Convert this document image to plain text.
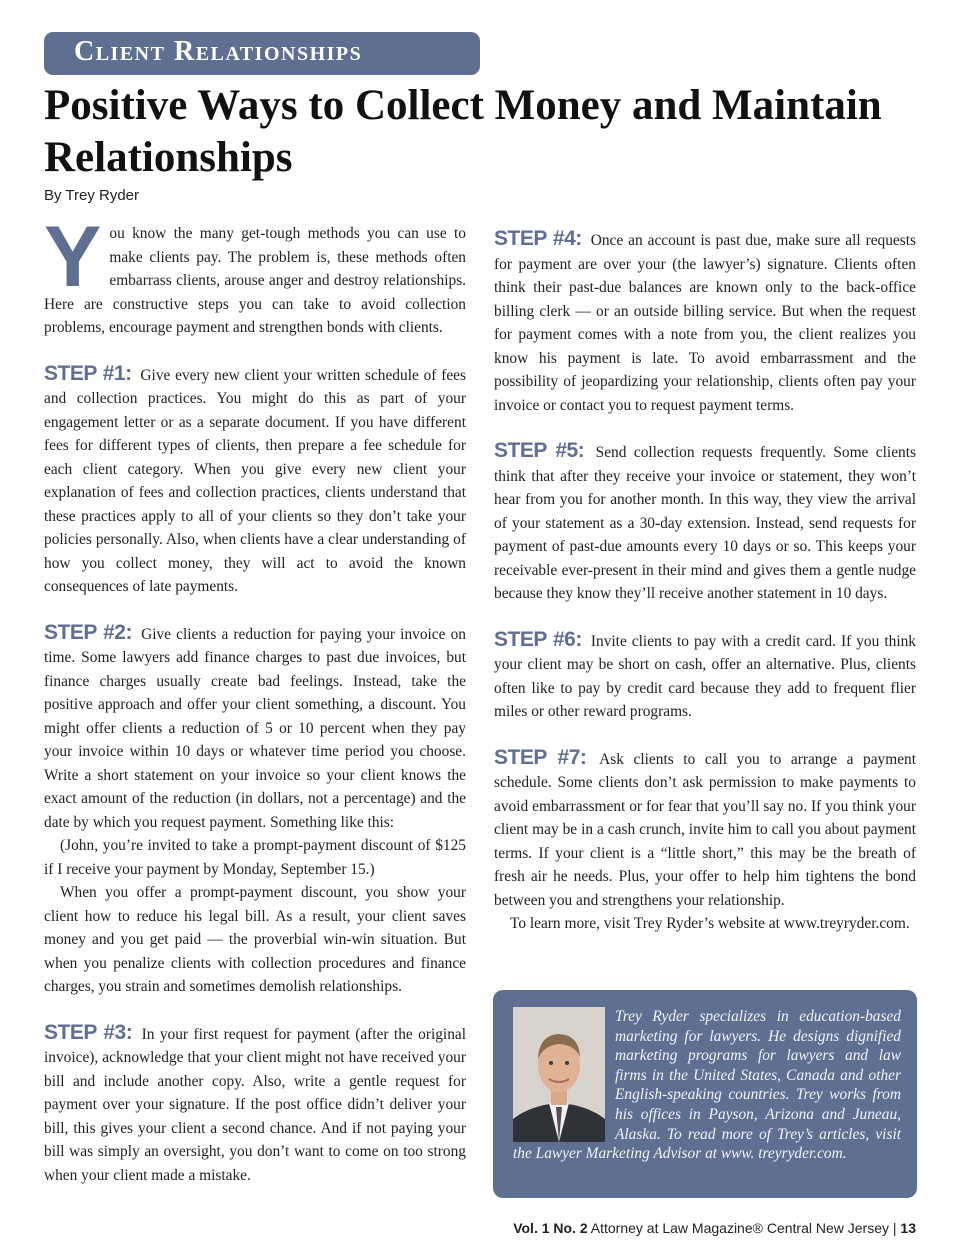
Client Relationships
Positive Ways to Collect Money and Maintain Relationships
By Trey Ryder

You know the many get-tough methods you can use to make clients pay. The problem is, these methods often embarrass clients, arouse anger and destroy relationships. Here are constructive steps you can take to avoid collection problems, encourage payment and strengthen bonds with clients.

STEP #1: Give every new client your written schedule of fees and collection practices. You might do this as part of your engagement letter or as a separate document. If you have different fees for different types of clients, then prepare a fee schedule for each client category. When you give every new client your explanation of fees and collection practices, clients understand that these practices apply to all of your clients so they don’t take your policies personally. Also, when clients have a clear understanding of how you collect money, they will act to avoid the known consequences of late payments.

STEP #2: Give clients a reduction for paying your invoice on time. Some lawyers add finance charges to past due invoices, but finance charges usually create bad feelings. Instead, take the positive approach and offer your client something, a discount. You might offer clients a reduction of 5 or 10 percent when they pay your invoice within 10 days or whatever time period you choose. Write a short statement on your invoice so your client knows the exact amount of the reduction (in dollars, not a percentage) and the date by which you request payment. Something like this:

(John, you’re invited to take a prompt-payment discount of $125 if I receive your payment by Monday, September 15.)

When you offer a prompt-payment discount, you show your client how to reduce his legal bill. As a result, your client saves money and you get paid — the proverbial win-win situation. But when you penalize clients with collection procedures and finance charges, you strain and sometimes demolish relationships.

STEP #3: In your first request for payment (after the original invoice), acknowledge that your client might not have received your bill and include another copy. Also, write a gentle request for payment over your signature. If the post office didn’t deliver your bill, this gives your client a second chance. And if not paying your bill was simply an oversight, you don’t want to come on too strong when your client made a mistake.

STEP #4: Once an account is past due, make sure all requests for payment are over your (the lawyer’s) signature. Clients often think their past-due balances are known only to the back-office billing clerk — or an outside billing service. But when the request for payment comes with a note from you, the client realizes you know his payment is late. To avoid embarrassment and the possibility of jeopardizing your relationship, clients often pay your invoice or contact you to request payment terms.

STEP #5: Send collection requests frequently. Some clients think that after they receive your invoice or statement, they won’t hear from you for another month. In this way, they view the arrival of your statement as a 30-day extension. Instead, send requests for payment of past-due amounts every 10 days or so. This keeps your receivable ever-present in their mind and gives them a gentle nudge because they know they’ll receive another statement in 10 days.

STEP #6: Invite clients to pay with a credit card. If you think your client may be short on cash, offer an alternative. Plus, clients often like to pay by credit card because they add to frequent flier miles or other reward programs.

STEP #7: Ask clients to call you to arrange a payment schedule. Some clients don’t ask permission to make payments to avoid embarrassment or for fear that you’ll say no. If you think your client may be in a cash crunch, invite him to call you about payment terms. If your client is a “little short,” this may be the breath of fresh air he needs. Plus, your offer to help him tightens the bond between you and strengthens your relationship.

To learn more, visit Trey Ryder’s website at www.treyryder.com.

Trey Ryder specializes in education-based marketing for lawyers. He designs dignified marketing programs for lawyers and law firms in the United States, Canada and other English-speaking countries. Trey works from his offices in Payson, Arizona and Juneau, Alaska. To read more of Trey’s articles, visit the Lawyer Marketing Advisor at www. treyryder.com.

Vol. 1 No. 2 Attorney at Law Magazine® Central New Jersey | 13
